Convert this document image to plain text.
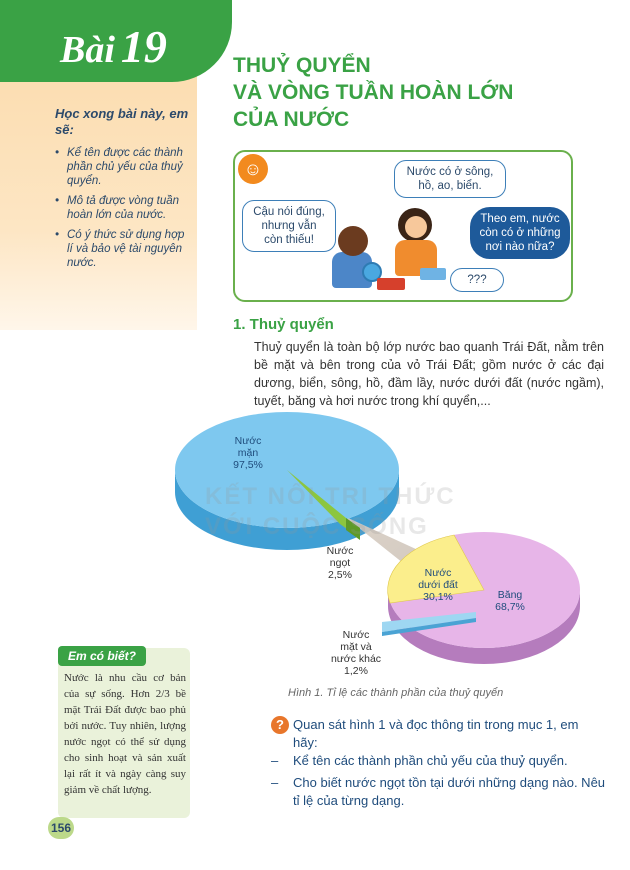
Bài 19
Học xong bài này, em sẽ:
• Kể tên được các thành phần chủ yếu của thuỷ quyển.
• Mô tả được vòng tuần hoàn lớn của nước.
• Có ý thức sử dụng hợp lí và bảo vệ tài nguyên nước.
Em có biết?
Nước là nhu cầu cơ bản của sự sống. Hơn 2/3 bề mặt Trái Đất được bao phủ bởi nước. Tuy nhiên, lượng nước ngọt có thể sử dụng cho sinh hoạt và sản xuất lại rất ít và ngày càng suy giảm về chất lượng.
156
THUỶ QUYỂN
VÀ VÒNG TUẦN HOÀN LỚN
CỦA NƯỚC
☺
Cậu nói đúng, nhưng vẫn còn thiếu!
Nước có ở sông, hồ, ao, biển.
Theo em, nước còn có ở những nơi nào nữa?
???
1. Thuỷ quyển
Thuỷ quyển là toàn bộ lớp nước bao quanh Trái Đất, nằm trên bề mặt và bên trong của vỏ Trái Đất; gồm nước ở các đại dương, biển, sông, hồ, đầm lầy, nước dưới đất (nước ngầm), tuyết, băng và hơi nước trong khí quyển,...
Nước
mặn
97,5%
Nước
ngọt
2,5%	Nước
dưới đất
30,1%	Băng
68,7%
Nước
mặt và
nước khác
1,2%
KẾT NỐI TRI THỨC
VỚI CUỘC SỐNG
Hình 1. Tỉ lệ các thành phần của thuỷ quyển
? Quan sát hình 1 và đọc thông tin trong mục 1, em hãy:
– Kể tên các thành phần chủ yếu của thuỷ quyển.
– Cho biết nước ngọt tồn tại dưới những dạng nào. Nêu tỉ lệ của từng dạng.
